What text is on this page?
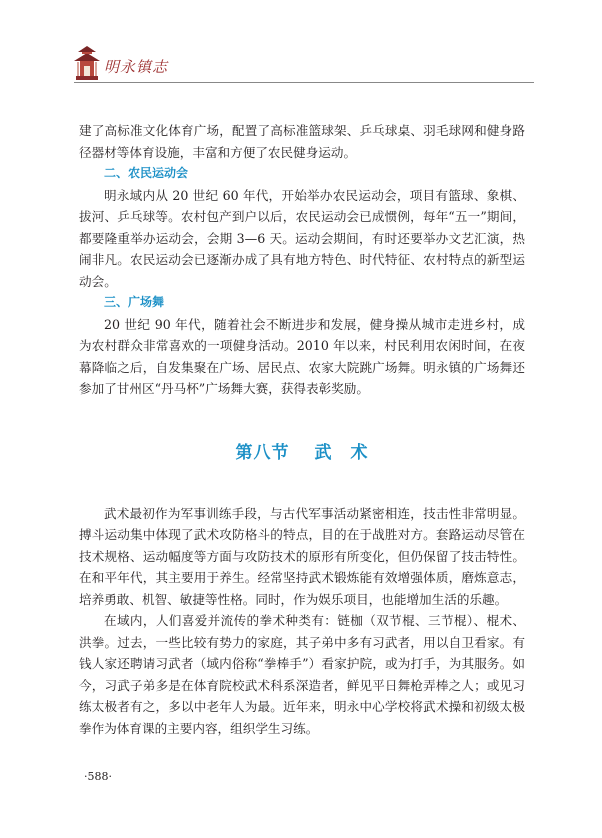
明永镇志

建了高标准文化体育广场，配置了高标准篮球架、乒乓球桌、羽毛球网和健身路径器材等体育设施，丰富和方便了农民健身运动。

二、农民运动会

明永域内从 20 世纪 60 年代，开始举办农民运动会，项目有篮球、象棋、拔河、乒乓球等。农村包产到户以后，农民运动会已成惯例，每年“五一”期间，都要隆重举办运动会，会期 3—6 天。运动会期间，有时还要举办文艺汇演，热闹非凡。农民运动会已逐渐办成了具有地方特色、时代特征、农村特点的新型运动会。

三、广场舞

20 世纪 90 年代，随着社会不断进步和发展，健身操从城市走进乡村，成为农村群众非常喜欢的一项健身活动。2010 年以来，村民利用农闲时间，在夜幕降临之后，自发集聚在广场、居民点、农家大院跳广场舞。明永镇的广场舞还参加了甘州区“丹马杯”广场舞大赛，获得表彰奖励。

第八节　 武　术

武术最初作为军事训练手段，与古代军事活动紧密相连，技击性非常明显。搏斗运动集中体现了武术攻防格斗的特点，目的在于战胜对方。套路运动尽管在技术规格、运动幅度等方面与攻防技术的原形有所变化，但仍保留了技击特性。在和平年代，其主要用于养生。经常坚持武术锻炼能有效增强体质，磨炼意志，培养勇敢、机智、敏捷等性格。同时，作为娱乐项目，也能增加生活的乐趣。

在域内，人们喜爱并流传的拳术种类有：链枷（双节棍、三节棍）、棍术、洪拳。过去，一些比较有势力的家庭，其子弟中多有习武者，用以自卫看家。有钱人家还聘请习武者（域内俗称“拳棒手”）看家护院，或为打手，为其服务。如今，习武子弟多是在体育院校武术科系深造者，鲜见平日舞枪弄棒之人；或见习练太极者有之，多以中老年人为最。近年来，明永中心学校将武术操和初级太极拳作为体育课的主要内容，组织学生习练。

·588·
